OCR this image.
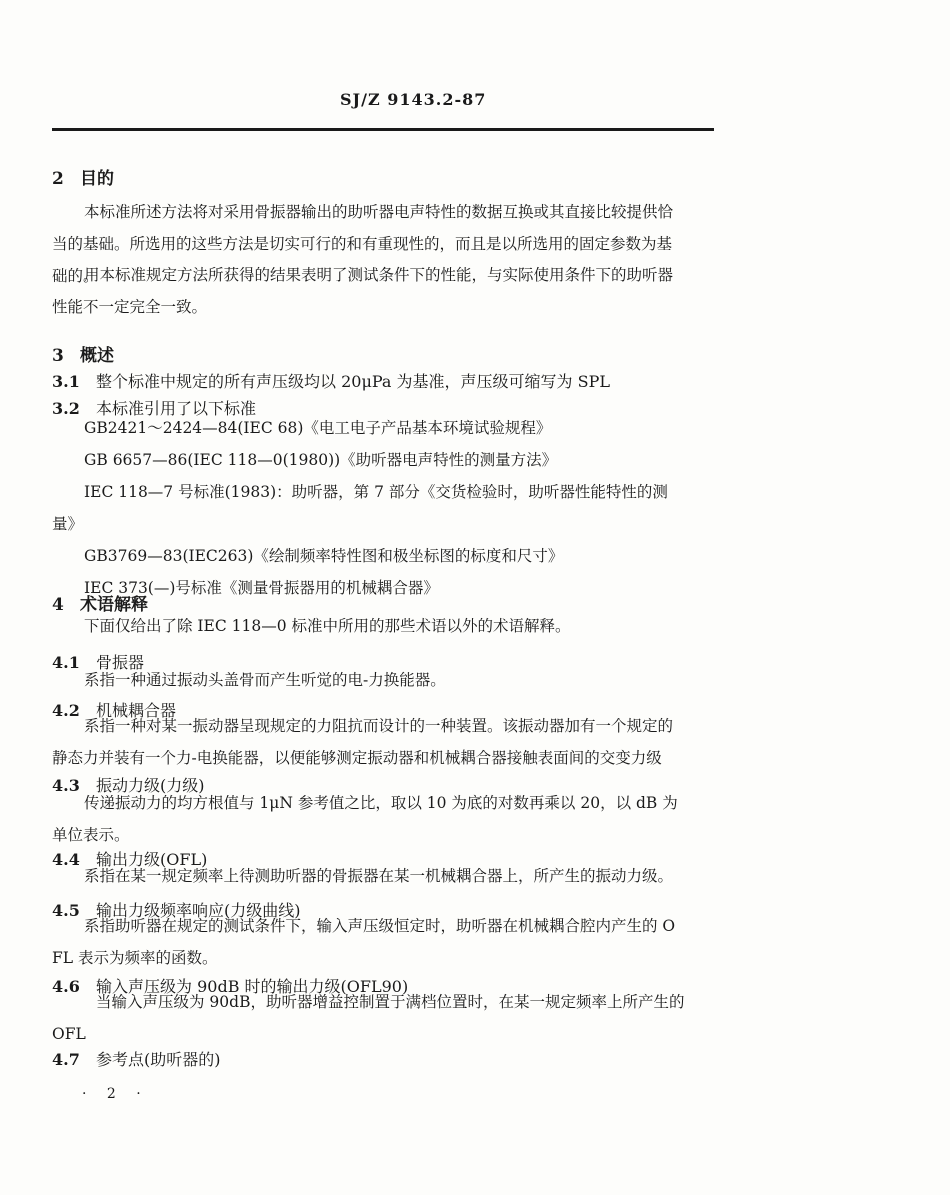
SJ/Z 9143.2-87
2 目的
本标准所述方法将对采用骨振器输出的助听器电声特性的数据互换或其直接比较提供恰
当的基础。所选用的这些方法是切实可行的和有重现性的，而且是以所选用的固定参数为基
础的。
用本标准规定方法所获得的结果表明了测试条件下的性能，与实际使用条件下的助听器
性能不一定完全一致。
3 概述
3.1 整个标准中规定的所有声压级均以 20μPa 为基准，声压级可缩写为 SPL
3.2 本标准引用了以下标准
GB2421～2424—84(IEC 68)《电工电子产品基本环境试验规程》
GB 6657—86(IEC 118—0(1980))《助听器电声特性的测量方法》
IEC 118—7 号标准(1983)：助听器，第 7 部分《交货检验时，助听器性能特性的测
量》
GB3769—83(IEC263)《绘制频率特性图和极坐标图的标度和尺寸》
IEC 373(—)号标准《测量骨振器用的机械耦合器》
4 术语解释
下面仅给出了除 IEC 118—0 标准中所用的那些术语以外的术语解释。
4.1 骨振器
系指一种通过振动头盖骨而产生听觉的电-力换能器。
4.2 机械耦合器
系指一种对某一振动器呈现规定的力阻抗而设计的一种装置。该振动器加有一个规定的
静态力并装有一个力-电换能器，以便能够测定振动器和机械耦合器接触表面间的交变力级
4.3 振动力级(力级)
传递振动力的均方根值与 1μN 参考值之比，取以 10 为底的对数再乘以 20，以 dB 为
单位表示。
4.4 输出力级(OFL)
系指在某一规定频率上待测助听器的骨振器在某一机械耦合器上，所产生的振动力级。
4.5 输出力级频率响应(力级曲线)
系指助听器在规定的测试条件下，输入声压级恒定时，助听器在机械耦合腔内产生的 O
FL 表示为频率的函数。
4.6 输入声压级为 90dB 时的输出力级(OFL90)
当输入声压级为 90dB，助听器增益控制置于满档位置时，在某一规定频率上所产生的
OFL
4.7 参考点(助听器的)
· 2 ·
